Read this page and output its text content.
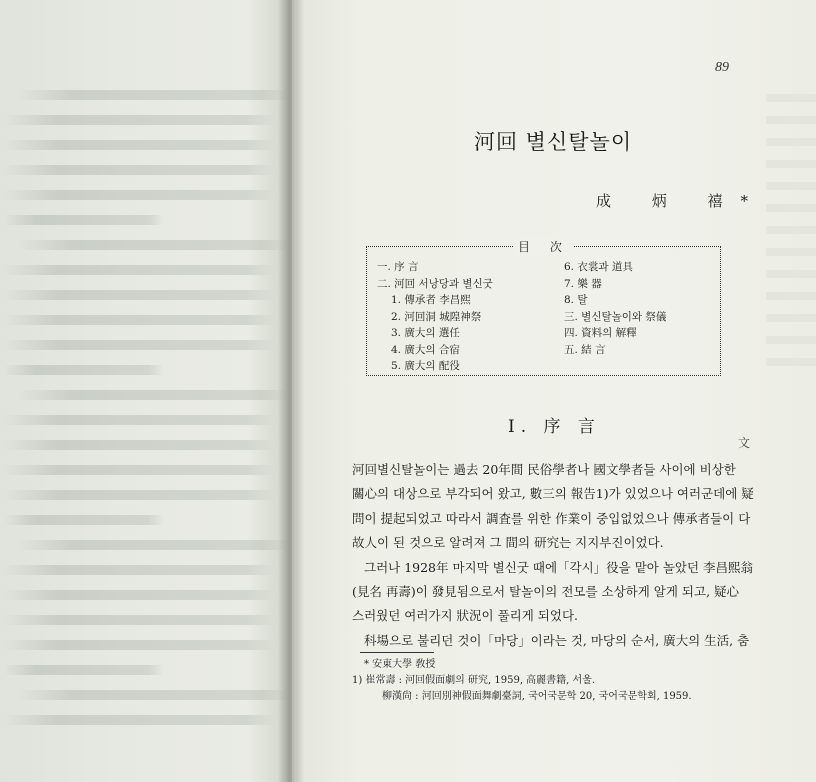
89
河回 별신탈놀이
成 炳 禧*
目 次
一. 序 言
二. 河回 서낭당과 별신굿
1. 傳承者 李昌熙
2. 河回洞 城隍神祭
3. 廣大의 選任
4. 廣大의 合宿
5. 廣大의 配役
6. 衣裳과 道具
7. 樂 器
8. 탈
三. 별신탈놀이와 祭儀
四. 資料의 解釋
五. 結 言
I. 序 言
文
河回별신탈놀이는 過去 20年間 民俗學者나 國文學者들 사이에 비상한
關心의 대상으로 부각되어 왔고, 數三의 報告1)가 있었으나 여러군데에 疑
問이 提起되었고 따라서 調査를 위한 作業이 중입없었으나 傳承者들이 다
故人이 된 것으로 알려져 그 間의 研究는 지지부진이었다.
그러나 1928年 마지막 별신굿 때에「각시」役을 맡아 놀았던 李昌熙翁
(見名 再壽)이 發見됨으로서 탈놀이의 전모를 소상하게 알게 되고, 疑心
스러웠던 여러가지 狀況이 풀리게 되었다.
科場으로 불리던 것이「마당」이라는 것, 마당의 순서, 廣大의 生活, 춤
* 安東大學 敎授
1) 崔常壽 : 河回假面劇의 研究, 1959, 高麗書籍, 서울.
柳漢尙 : 河回別神假面舞劇臺詞, 국어국문학 20, 국어국문학회, 1959.
